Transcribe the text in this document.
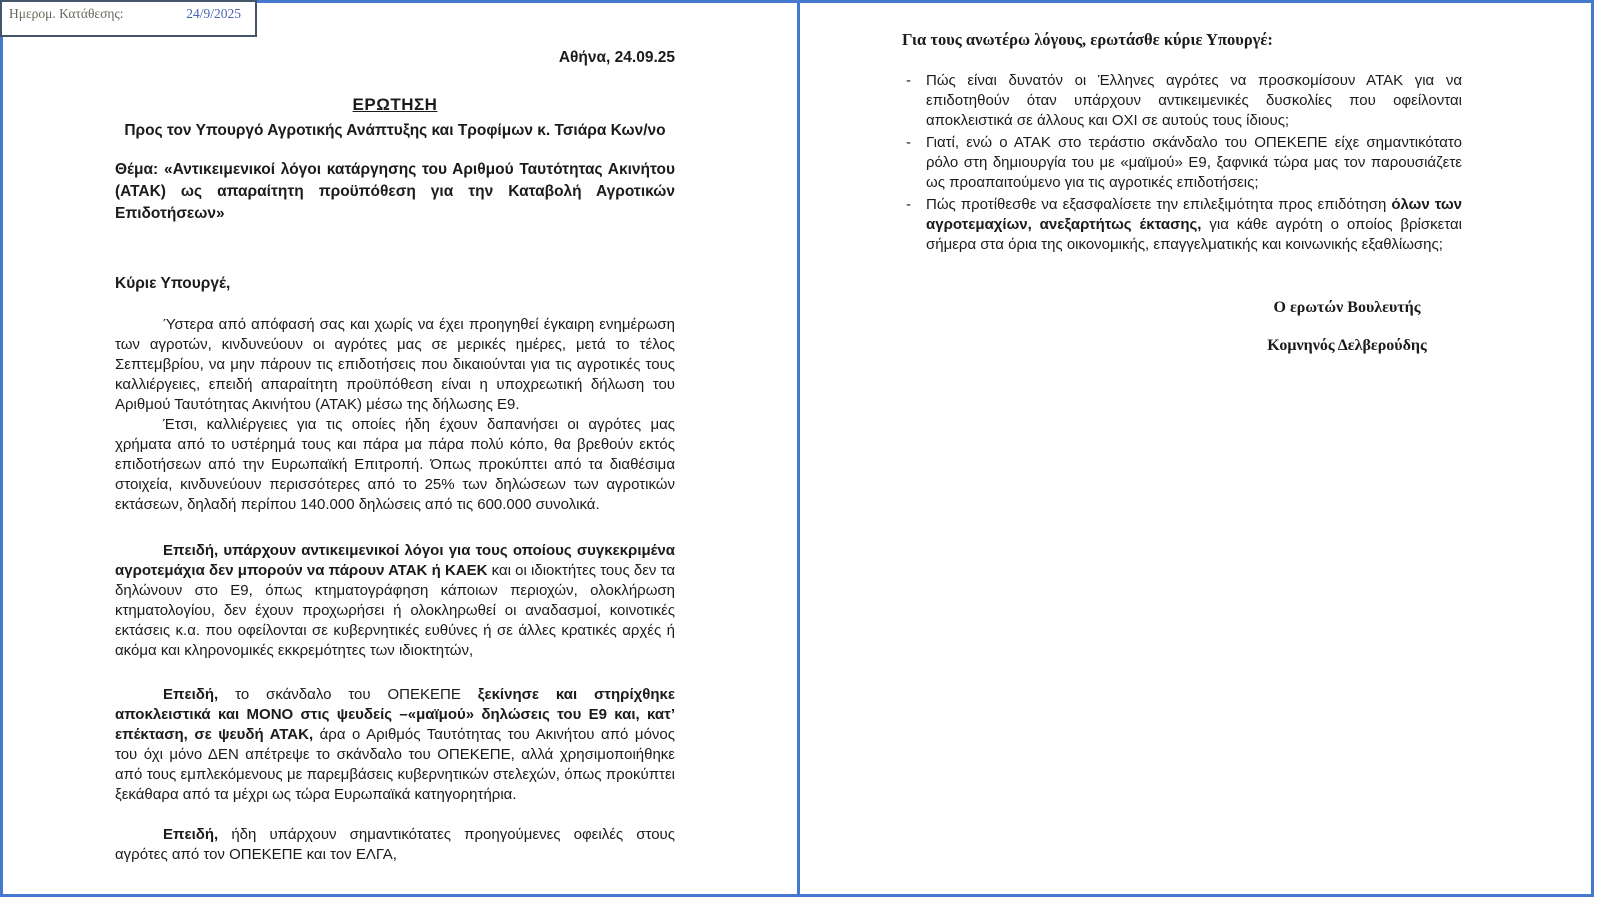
Ημερομ. Κατάθεσης:	24/9/2025
Αθήνα, 24.09.25
ΕΡΩΤΗΣΗ
Προς τον Υπουργό Αγροτικής Ανάπτυξης και Τροφίμων κ. Τσιάρα Κων/νο
Θέμα: «Αντικειμενικοί λόγοι κατάργησης του Αριθμού Ταυτότητας Ακινήτου (ΑΤΑΚ) ως απαραίτητη προϋπόθεση για την Καταβολή Αγροτικών Επιδοτήσεων»
Κύριε Υπουργέ,

Ύστερα από απόφασή σας και χωρίς να έχει προηγηθεί έγκαιρη ενημέρωση των αγροτών, κινδυνεύουν οι αγρότες μας σε μερικές ημέρες, μετά το τέλος Σεπτεμβρίου, να μην πάρουν τις επιδοτήσεις που δικαιούνται για τις αγροτικές τους καλλιέργειες, επειδή απαραίτητη προϋπόθεση είναι η υποχρεωτική δήλωση του Αριθμού Ταυτότητας Ακινήτου (ΑΤΑΚ) μέσω της δήλωσης Ε9.

Έτσι, καλλιέργειες για τις οποίες ήδη έχουν δαπανήσει οι αγρότες μας χρήματα από το υστέρημά τους και πάρα μα πάρα πολύ κόπο, θα βρεθούν εκτός επιδοτήσεων από την Ευρωπαϊκή Επιτροπή. Όπως προκύπτει από τα διαθέσιμα στοιχεία, κινδυνεύουν περισσότερες από το 25% των δηλώσεων των αγροτικών εκτάσεων, δηλαδή περίπου 140.000 δηλώσεις από τις 600.000 συνολικά.

Επειδή, υπάρχουν αντικειμενικοί λόγοι για τους οποίους συγκεκριμένα αγροτεμάχια δεν μπορούν να πάρουν ΑΤΑΚ ή ΚΑΕΚ και οι ιδιοκτήτες τους δεν τα δηλώνουν στο Ε9, όπως κτηματογράφηση κάποιων περιοχών, ολοκλήρωση κτηματολογίου, δεν έχουν προχωρήσει ή ολοκληρωθεί οι αναδασμοί, κοινοτικές εκτάσεις κ.α. που οφείλονται σε κυβερνητικές ευθύνες ή σε άλλες κρατικές αρχές ή ακόμα και κληρονομικές εκκρεμότητες των ιδιοκτητών,

Επειδή, το σκάνδαλο του ΟΠΕΚΕΠΕ ξεκίνησε και στηρίχθηκε αποκλειστικά και ΜΟΝΟ στις ψευδείς –«μαϊμού» δηλώσεις του Ε9 και, κατ’ επέκταση, σε ψευδή ΑΤΑΚ, άρα ο Αριθμός Ταυτότητας του Ακινήτου από μόνος του όχι μόνο ΔΕΝ απέτρεψε το σκάνδαλο του ΟΠΕΚΕΠΕ, αλλά χρησιμοποιήθηκε από τους εμπλεκόμενους με παρεμβάσεις κυβερνητικών στελεχών, όπως προκύπτει ξεκάθαρα από τα μέχρι ως τώρα Ευρωπαϊκά κατηγορητήρια.

Επειδή, ήδη υπάρχουν σημαντικότατες προηγούμενες οφειλές στους αγρότες από τον ΟΠΕΚΕΠΕ και τον ΕΛΓΑ,

Για τους ανωτέρω λόγους, ερωτάσθε κύριε Υπουργέ:
- Πώς είναι δυνατόν οι Έλληνες αγρότες να προσκομίσουν ΑΤΑΚ για να επιδοτηθούν όταν υπάρχουν αντικειμενικές δυσκολίες που οφείλονται αποκλειστικά σε άλλους και ΟΧΙ σε αυτούς τους ίδιους;
- Γιατί, ενώ ο ΑΤΑΚ στο τεράστιο σκάνδαλο του ΟΠΕΚΕΠΕ είχε σημαντικότατο ρόλο στη δημιουργία του με «μαϊμού» Ε9, ξαφνικά τώρα μας τον παρουσιάζετε ως προαπαιτούμενο για τις αγροτικές επιδοτήσεις;
- Πώς προτίθεσθε να εξασφαλίσετε την επιλεξιμότητα προς επιδότηση όλων των αγροτεμαχίων, ανεξαρτήτως έκτασης, για κάθε αγρότη ο οποίος βρίσκεται σήμερα στα όρια της οικονομικής, επαγγελματικής και κοινωνικής εξαθλίωσης;
Ο ερωτών Βουλευτής
Κομνηνός Δελβερούδης
